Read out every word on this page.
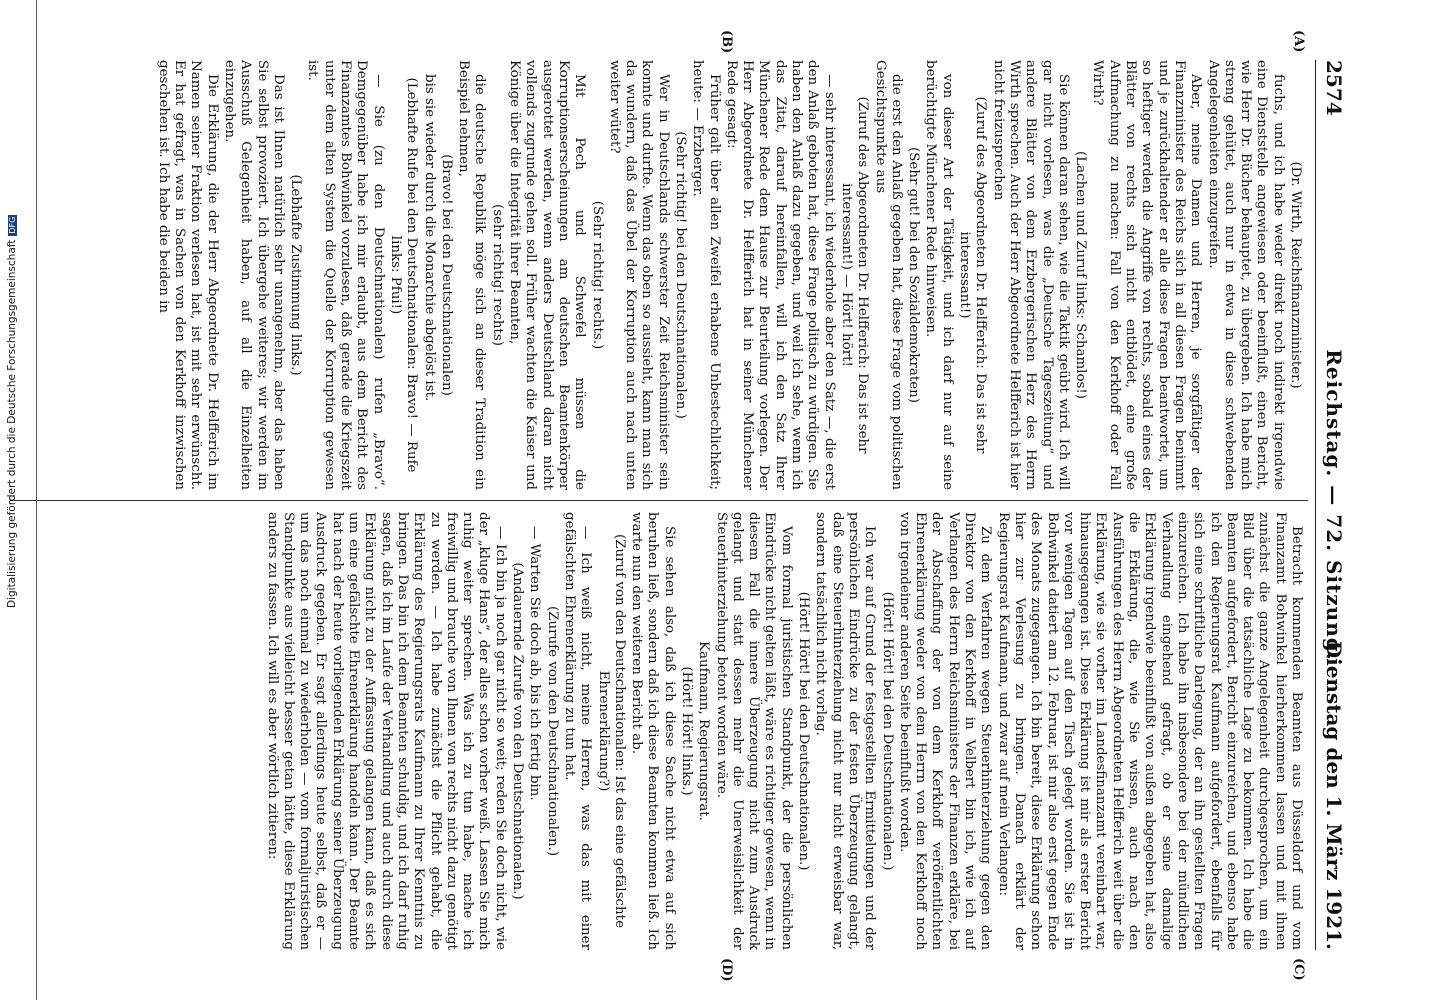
2574
Reichstag. — 72. Sitzung.
Dienstag den 1. März 1921.
(A)
(B)
(C)
(D)

(Dr. Wirth, Reichsfinanzminister.)

fuchs, und ich habe weder direkt noch indirekt irgendwie eine Dienststelle angewiesen oder beeinflußt, einen Bericht, wie Herr Dr. Bücher behauptet, zu übergeben. Ich habe mich streng gehütet, auch nur in etwa in diese schwebenden Angelegenheiten einzugreifen.

Aber, meine Damen und Herren, je sorgfältiger der Finanzminister des Reichs sich in all diesen Fragen benimmt und je zurückhaltender er alle diese Fragen beantwortet, um so heftiger werden die Angriffe von rechts, sobald eines der Blätter von rechts sich nicht entblödet, eine große Aufmachung zu machen: Fall von den Kerkhoff oder Fall Wirth?

(Lachen und Zuruf links: Schamlos!)

Sie können daran sehen, wie die Taktik geübt wird. Ich will gar nicht vorlesen, was die „Deutsche Tageszeitung“ und andere Blätter von dem Erzbergerischen Herz des Herrn Wirth sprechen. Auch der Herr Abgeordnete Helfferich ist hier nicht freizusprechen

(Zuruf des Abgeordneten Dr. Helfferich: Das ist sehr interessant!)

von dieser Art der Tätigkeit, und ich darf nur auf seine berüchtigte Münchener Rede hinweisen.

(Sehr gut! bei den Sozialdemokraten)

die erst den Anlaß gegeben hat, diese Frage vom politischen Gesichtspunkte aus

(Zuruf des Abgeordneten Dr. Helfferich: Das ist sehr interessant!) — Hört! hört!

— sehr interessant, ich wiederhole aber den Satz —, die erst den Anlaß geboten hat, diese Frage politisch zu würdigen. Sie haben den Anlaß dazu gegeben, und weil ich sehe, wenn ich das Zitat, darauf hereinfallen, will ich den Satz Ihrer Münchener Rede dem Hause zur Beurteilung vorlegen. Der Herr Abgeordnete Dr. Helfferich hat in seiner Münchener Rede gesagt:

Früher galt über allen Zweifel erhabene Unbestechlichkeit; heute: — Erzberger.

(Sehr richtig! bei den Deutschnationalen.)

Wer in Deutschlands schwerster Zeit Reichsminister sein konnte und durfte. Wenn das oben so aussieht, kann man sich da wundern, daß das Übel der Korruption auch nach unten weiter wütet?

(Sehr richtig! rechts.)

Mit Pech und Schwefel müssen die Korruptionserscheinungen am deutschen Beamtenkörper ausgerottet werden, wenn anders Deutschland daran nicht vollends zugrunde gehen soll. Früher wachten die Kaiser und Könige über die Integrität ihrer Beamten,

(sehr richtig! rechts)

die deutsche Republik möge sich an dieser Tradition ein Beispiel nehmen,

(Bravo! bei den Deutschnationalen)

bis sie wieder durch die Monarchie abgelöst ist.

(Lebhafte Rufe bei den Deutschnationalen: Bravo! — Rufe links: Pfui!)

— Sie (zu den Deutschnationalen) rufen „Bravo“. Demgegenüber habe ich mir erlaubt, aus dem Bericht des Finanzamtes Bohwinkel vorzulesen, daß gerade die Kriegszeit unter dem alten System die Quelle der Korruption gewesen ist.

(Lebhafte Zustimmung links.)

Das ist Ihnen natürlich sehr unangenehm, aber das haben Sie selbst provoziert. Ich übergehe weiteres; wir werden im Ausschuß Gelegenheit haben, auf all die Einzelheiten einzugehen.

Die Erklärung, die der Herr Abgeordnete Dr. Helfferich im Namen seiner Fraktion verlesen hat, ist mit sehr erwünscht. Er hat gefragt, was in Sachen von den Kerkhoff inzwischen geschehen ist. Ich habe die beiden in

Betracht kommenden Beamten aus Düsseldorf und vom Finanzamt Bohwinkel hierherkommen lassen und mit ihnen zunächst die ganze Angelegenheit durchgesprochen, um ein Bild über die tatsächliche Lage zu bekommen. Ich habe die Beamten aufgefordert, Bericht einzureichen, und ebenso habe ich den Regierungsrat Kaufmann aufgefordert, ebenfalls für sich eine schriftliche Darlegung, der an ihn gestellten Fragen einzureichen. Ich habe ihn insbesondere bei der mündlichen Verhandlung eingehend gefragt, ob er seine damalige Erklärung irgendwie beeinflußt von außen abgegeben hat, also die Erklärung, die, wie Sie wissen, auch nach den Ausführungen des Herrn Abgeordneten Helfferich weit über die Erklärung, wie sie vorher im Landesfinanzamt vereinbart war, hinausgegangen ist. Diese Erklärung ist mir als erster Bericht vor wenigen Tagen auf den Tisch gelegt worden. Sie ist in Bohwinkel datiert am 12. Februar, ist mir also erst gegen Ende des Monats zugegangen. Ich bin bereit, diese Erklärung schon hier zur Verlesung zu bringen. Danach erklärt der Regierungsrat Kaufmann, und zwar auf mein Verlangen:

Zu dem Verfahren wegen Steuerhinterziehung gegen den Direktor von den Kerkhoff in Velbert bin ich, wie ich auf Verlangen des Herrn Reichsministers der Finanzen erkläre, bei der Abschaffung der von dem Kerkhoff veröffentlichten Ehrenerklärung weder von dem Herrn von den Kerkhoff noch von irgendeiner anderen Seite beeinflußt worden.

(Hört! Hört! bei den Deutschnationalen.)

Ich war auf Grund der festgestellten Ermittelungen und der persönlichen Eindrücke zu der festen Überzeugung gelangt, daß eine Steuerhinterziehung nicht nur nicht erweisbar war, sondern tatsächlich nicht vorlag.

(Hört! Hört! bei den Deutschnationalen.)

Vom formal juristischen Standpunkt, der die persönlichen Eindrücke nicht gelten läßt, wäre es richtiger gewesen, wenn in diesem Fall die innere Überzeugung nicht zum Ausdruck gelangt und statt dessen mehr die Unerweislichkeit der Steuerhinterziehung betont worden wäre.

Kaufmann, Regierungsrat.

(Hört! Hört! links.)

Sie sehen also, daß ich diese Sache nicht etwa auf sich beruhen ließ, sondern daß ich diese Beamten kommen ließ. Ich warte nun den weiteren Bericht ab.

(Zuruf von den Deutschnationalen: Ist das eine gefälschte Ehrenerklärung?)

— Ich weiß nicht, meine Herren, was das mit einer gefälschten Ehrenerklärung zu tun hat.

(Zurufe von den Deutschnationalen.)

— Warten Sie doch ab, bis ich fertig bin.

(Andauernde Zurufe von den Deutschnationalen.)

— Ich bin ja noch gar nicht so weit; reden Sie doch nicht, wie der „kluge Hans“, der alles schon vorher weiß. Lassen Sie mich ruhig weiter sprechen. Was ich zu tun habe, mache ich freiwillig und brauche von Ihnen von rechts nicht dazu genötigt zu werden. — Ich habe zunächst die Pflicht gehabt, die Erklärung des Regierungsrats Kaufmann zu Ihrer Kenntnis zu bringen. Das bin ich dem Beamten schuldig, und ich darf ruhig sagen, daß ich im Laufe der Verhandlung und auch durch diese Erklärung nicht zu der Auffassung gelangen kann, daß es sich um eine gefälschte Ehrenerklärung handeln kann. Der Beamte hat nach der heute vorliegenden Erklärung seiner Überzeugung Ausdruck gegeben. Er sagt allerdings heute selbst, daß er — um das noch einmal zu wiederholen — vom formaljuristischen Standpunkte aus vielleicht besser getan hätte, diese Erklärung anders zu fassen. Ich will es aber wörtlich zitieren:

Digitalisierung gefördert durch die Deutsche ForschungsgemeinschaftDFG
